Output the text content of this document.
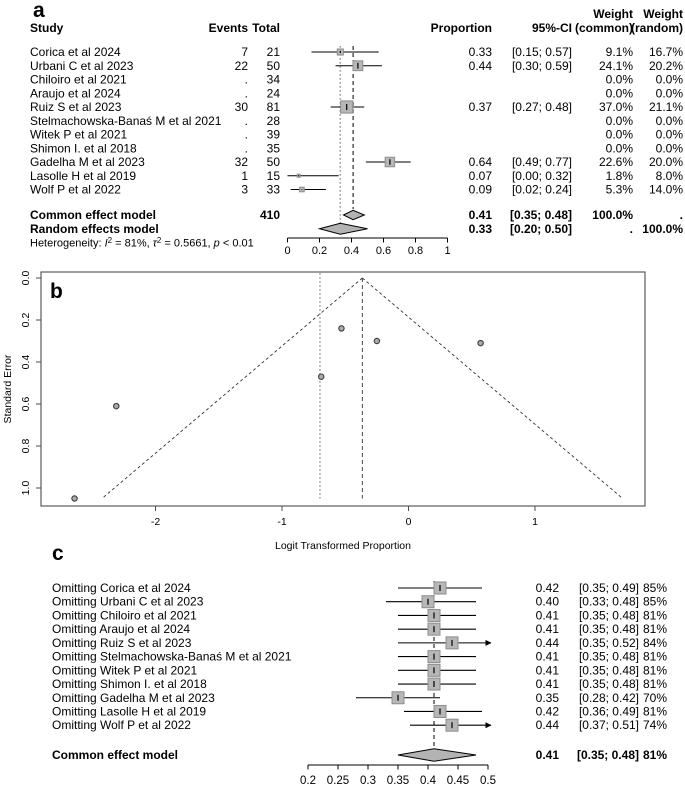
a
b
c
Weight Weight
Study	Events Total	Proportion	95%-CI (common)
(random)
Corica et al 2024	7 21	0.33 [0.15; 0.57]	9.1% 16.7%
Urbani C et al 2023	22 50	0.44 [0.30; 0.59] 24.1% 20.2%
Chiloiro et al 2021	. 34	0.0% 0.0%
Araujo et al 2024	. 24	0.0% 0.0%
Ruiz S et al 2023	30 81	0.37 [0.27; 0.48] 37.0% 21.1%
Stelmachowska-Banaś M et al 2021 . 28	0.0% 0.0%
Witek P et al 2021	. 39	0.0% 0.0%
Shimon I. et al 2018	. 35	0.0% 0.0%
Gadelha M et al 2023	32 50	0.64 [0.49; 0.77] 22.6% 20.0%
Lasolle H et al 2019	1 15	0.07 [0.00; 0.32]	1.8% 8.0%
Wolf P et al 2022	3 33	0.09 [0.02; 0.24]	5.3% 14.0%
Common effect model	410	0.41 [0.35; 0.48] 100.0%	.
Random effects model	0.33 [0.20; 0.50]	. 100.0%
Heterogeneity: $I^2 = 81\%$, $\tau^2 = 0.5661$, p < 0.01
0 0.2 0.4 0.6 0.8 1
0.0
0.2
0.4
0.6
0.8
1.0
-2	-1	0	1
Standard Error
Logit Transformed Proportion
Omitting Corica et al 2024	0.42 [0.35; 0.49] 85%
Omitting Urbani C et al 2023	0.40 [0.33; 0.48] 85%
Omitting Chiloiro et al 2021	0.41 [0.35; 0.48] 81%
Omitting Araujo et al 2024	0.41 [0.35; 0.48] 81%
Omitting Ruiz S et al 2023	0.44 [0.35; 0.52] 84%
Omitting Stelmachowska-Banaś M et al 2021	0.41 [0.35; 0.48] 81%
Omitting Witek P et al 2021	0.41 [0.35; 0.48] 81%
Omitting Shimon I. et al 2018	0.41 [0.35; 0.48] 81%
Omitting Gadelha M et al 2023	0.35 [0.28; 0.42] 70%
Omitting Lasolle H et al 2019	0.42 [0.36; 0.49] 81%
Omitting Wolf P et al 2022	0.44 [0.37; 0.51] 74%
Common effect model	0.41 [0.35; 0.48] 81%
0.2 0.25 0.3 0.35 0.4 0.45 0.5
